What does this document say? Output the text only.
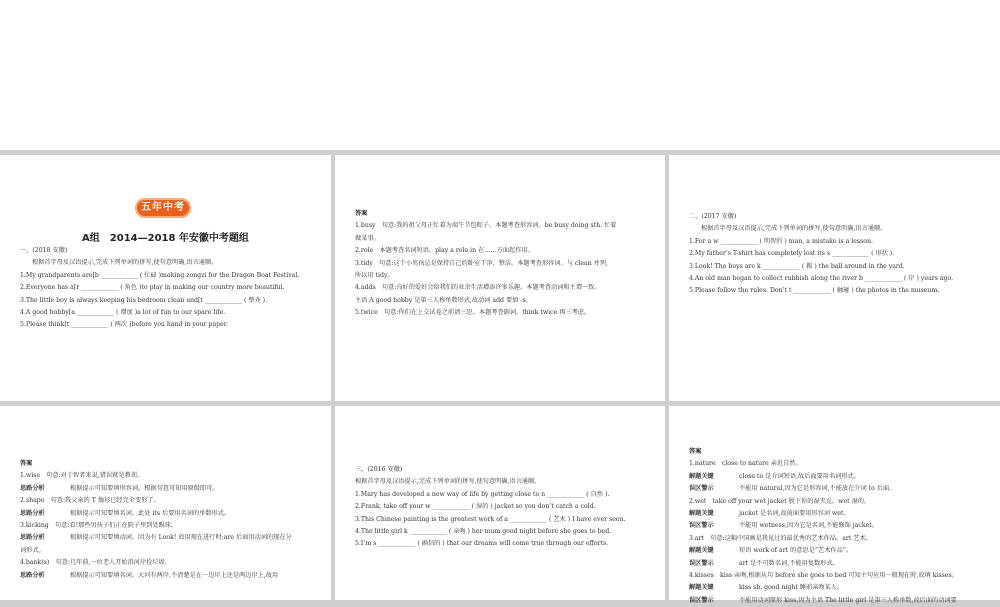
五年中考
A组　2014—2018 年安徽中考题组
一、(2018 安徽)
根据首字母及汉语提示,完成下列单词的拼写,使句意明确,语言通顺。
1.My grandparents are[b ____________ ( 忙碌 )making zongzi for the Dragon Boat Festival.
2.Everyone has a[r ____________ ( 角色 )to play in making our country more beautiful.
3.The little boy is always keeping his bedroom clean and[t ____________ ( 整齐 ).
4.A good hobby[a ____________ ( 增加 )a lot of fun to our spare life.
5.Please think[t ____________ ( 两次 )before you hand in your paper.
答案
1.busy　句意:我的祖父母正忙着为端午节包粽子。本题考查形容词。be busy doing sth. 忙着
做某事。
2.role　本题考查名词短语。play a role in 在……方面起作用。
3.tidy　句意:这个小男孩总是保持自己的卧室干净、整洁。本题考查形容词。与 clean 并列,
所以用 tidy。
4.adds　句意:良好的爱好会给我们的业余生活增添许多乐趣。本题考查动词和主谓一致。
主语 A good hobby 是第三人称单数形式,故动词 add 要加 -s。
5.twice　句意:你们在上交试卷之前请三思。本题考查副词。think twice 再三考虑。
二、(2017 安徽)
根据首字母及汉语提示,完成下列单词的拼写,使句意明确,语言通顺。
1.For a w ____________ ( 明智的 ) man, a mistake is a lesson.
2.My father’s T-shirt has completely lost its s ____________ ( 形状 ).
3.Look! The boys are k ____________ ( 踢 ) the ball around in the yard.
4.An old man began to collect rubbish along the river b ____________ ( 岸 ) years ago.
5.Please follow the rules. Don’t t ____________ ( 触碰 ) the photos in the museum.
答案
1.wise　句意:对于智者来说,错误就是教训。
思路分析	根据提示可知要填形容词。根据句意可知用原级即可。
2.shape　句意:我父亲的 T 恤衫已经完全变形了。
思路分析	根据提示可知要填名词。此处 its 后要用名词的单数形式。
3.kicking　句意:看!那些男孩子们正在院子里到处踢球。
思路分析	根据提示可知要填动词。因为有 Look! 故用现在进行时;are 后面用动词的现在分
词形式。
4.bank(s)　句意:几年前,一位老人开始沿河岸捡垃圾。
思路分析	根据提示可知要填名词。大河有两岸,不清楚是在一边岸上还是两边岸上,故用
三、(2016 安徽)
根据首字母及汉语提示,完成下列单词的拼写,使句意明确,语言通顺。
1.Mary has developed a new way of life by getting close to n ____________ ( 自然 ).
2.Frank, take off your w ____________ ( 湿的 ) jacket so you don’t catch a cold.
3.This Chinese painting is the greatest work of a ____________ ( 艺术 ) I have ever seen.
4.The little girl k ____________ ( 亲吻 ) her mum good night before she goes to bed.
5.I’m s ____________ ( 确信的 ) that our dreams will come true through our efforts.
答案
1.nature　close to nature 亲近自然。
解题关键	close to 是介词短语,故后面要用名词形式。
误区警示	不能用 natural,因为它是形容词,不能放在介词 to 后面。
2.wet　take off your wet jacket 脱下你的湿夹克。wet 湿的。
解题关键	jacket 是名词,故前面要用形容词 wet。
误区警示	不能用 wetness,因为它是名词,不能修饰 jacket。
3.art　句意:这幅中国画是我见过的最优秀的艺术作品。art 艺术。
解题关键	短语 work of art 的意思是“艺术作品”。
误区警示	art 是不可数名词,不能用复数形式。
4.kisses　kiss 亲吻,根据从句 before she goes to bed 可知主句应用一般现在时,故填 kisses。
解题关键	kiss sb. good night 睡前亲吻某人。
误区警示	不能用动词原形 kiss,因为主语 The little girl 是第三人称单数,故后面的动词要
